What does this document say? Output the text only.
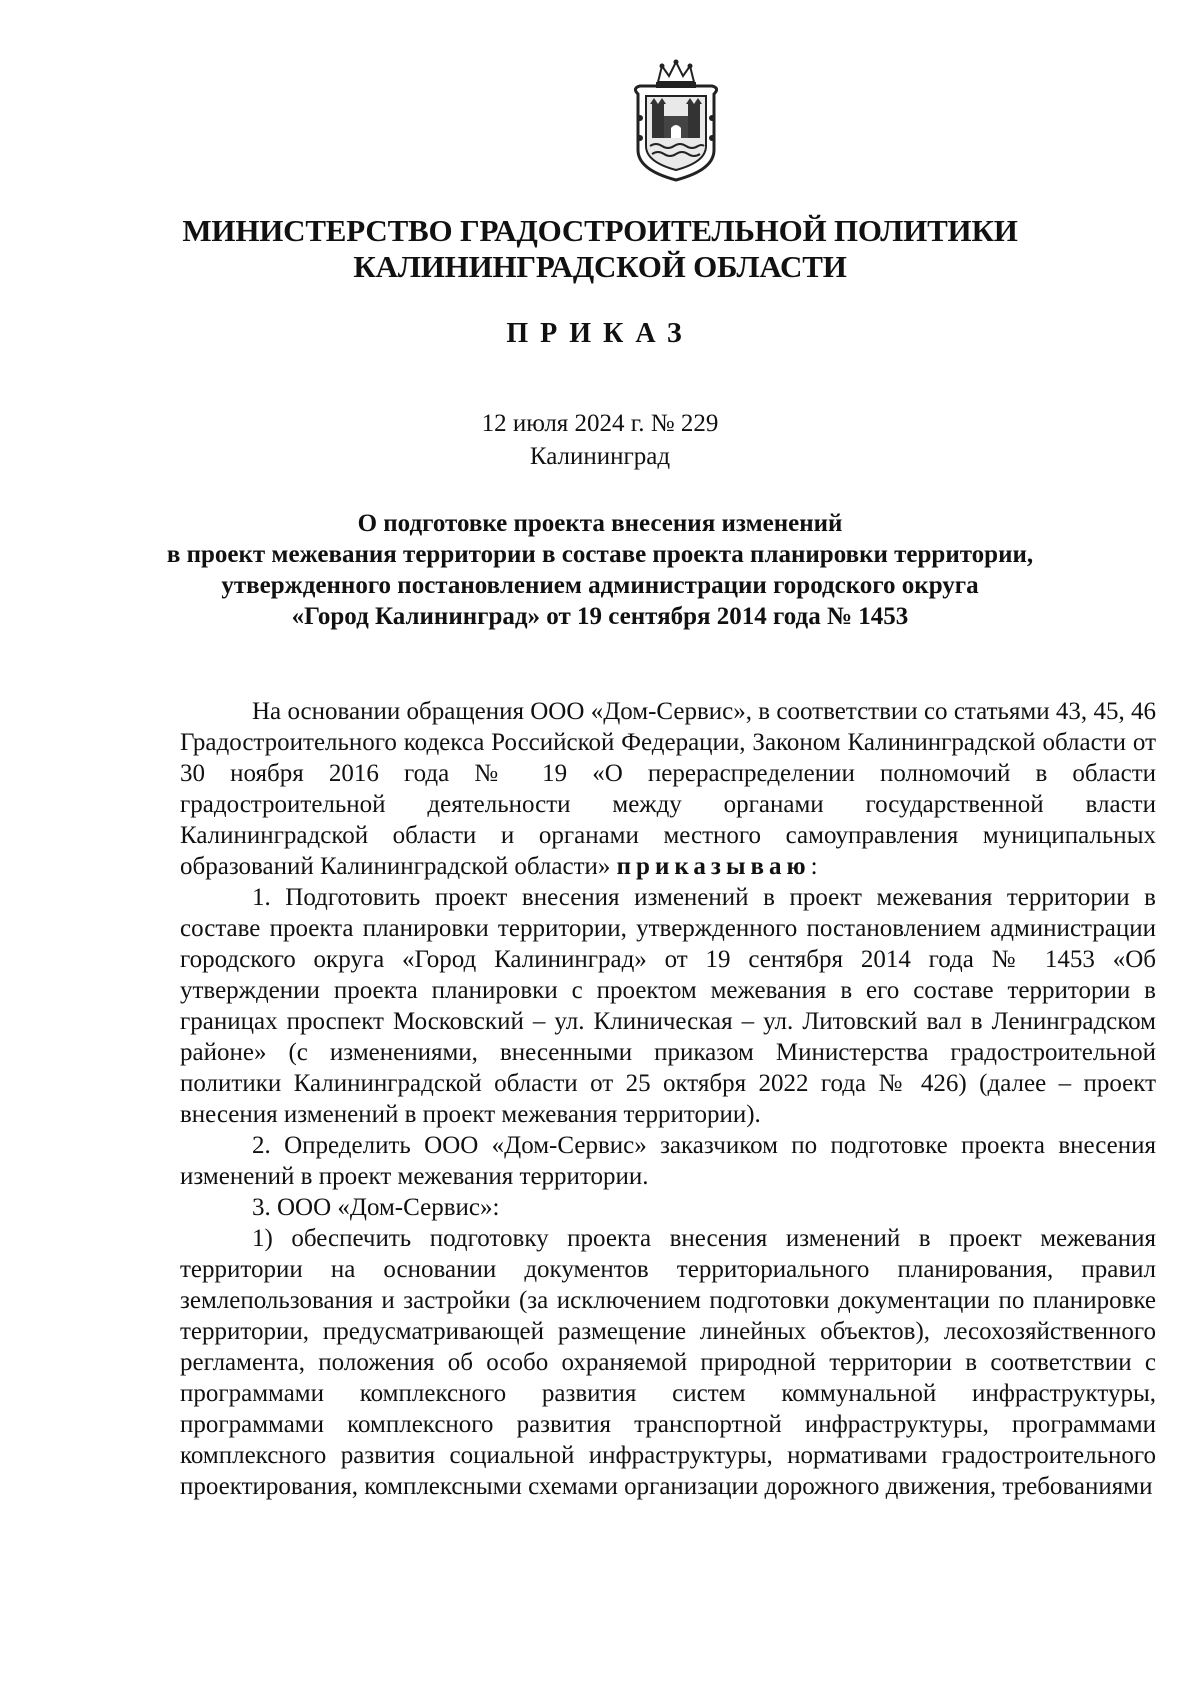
МИНИСТЕРСТВО ГРАДОСТРОИТЕЛЬНОЙ ПОЛИТИКИ
КАЛИНИНГРАДСКОЙ ОБЛАСТИ
ПРИКАЗ
12 июля 2024 г. № 229
Калининград
О подготовке проекта внесения изменений
в проект межевания территории в составе проекта планировки территории,
утвержденного постановлением администрации городского округа
«Город Калининград» от 19 сентября 2014 года № 1453

На основании обращения ООО «Дом-Сервис», в соответствии со статьями 43, 45, 46 Градостроительного кодекса Российской Федерации, Законом Калининградской области от 30 ноября 2016 года № 19 «О перераспределении полномочий в области градостроительной деятельности между органами государственной власти Калининградской области и органами местного самоуправления муниципальных образований Калининградской области» приказываю:

1. Подготовить проект внесения изменений в проект межевания территории в составе проекта планировки территории, утвержденного постановлением администрации городского округа «Город Калининград» от 19 сентября 2014 года № 1453 «Об утверждении проекта планировки с проектом межевания в его составе территории в границах проспект Московский – ул. Клиническая – ул. Литовский вал в Ленинградском районе» (с изменениями, внесенными приказом Министерства градостроительной политики Калининградской области от 25 октября 2022 года № 426) (далее – проект внесения изменений в проект межевания территории).

2. Определить ООО «Дом-Сервис» заказчиком по подготовке проекта внесения изменений в проект межевания территории.

3. ООО «Дом-Сервис»:

1) обеспечить подготовку проекта внесения изменений в проект межевания территории на основании документов территориального планирования, правил землепользования и застройки (за исключением подготовки документации по планировке территории, предусматривающей размещение линейных объектов), лесохозяйственного регламента, положения об особо охраняемой природной территории в соответствии с программами комплексного развития систем коммунальной инфраструктуры, программами комплексного развития транспортной инфраструктуры, программами комплексного развития социальной инфраструктуры, нормативами градостроительного проектирования, комплексными схемами организации дорожного движения, требованиями
